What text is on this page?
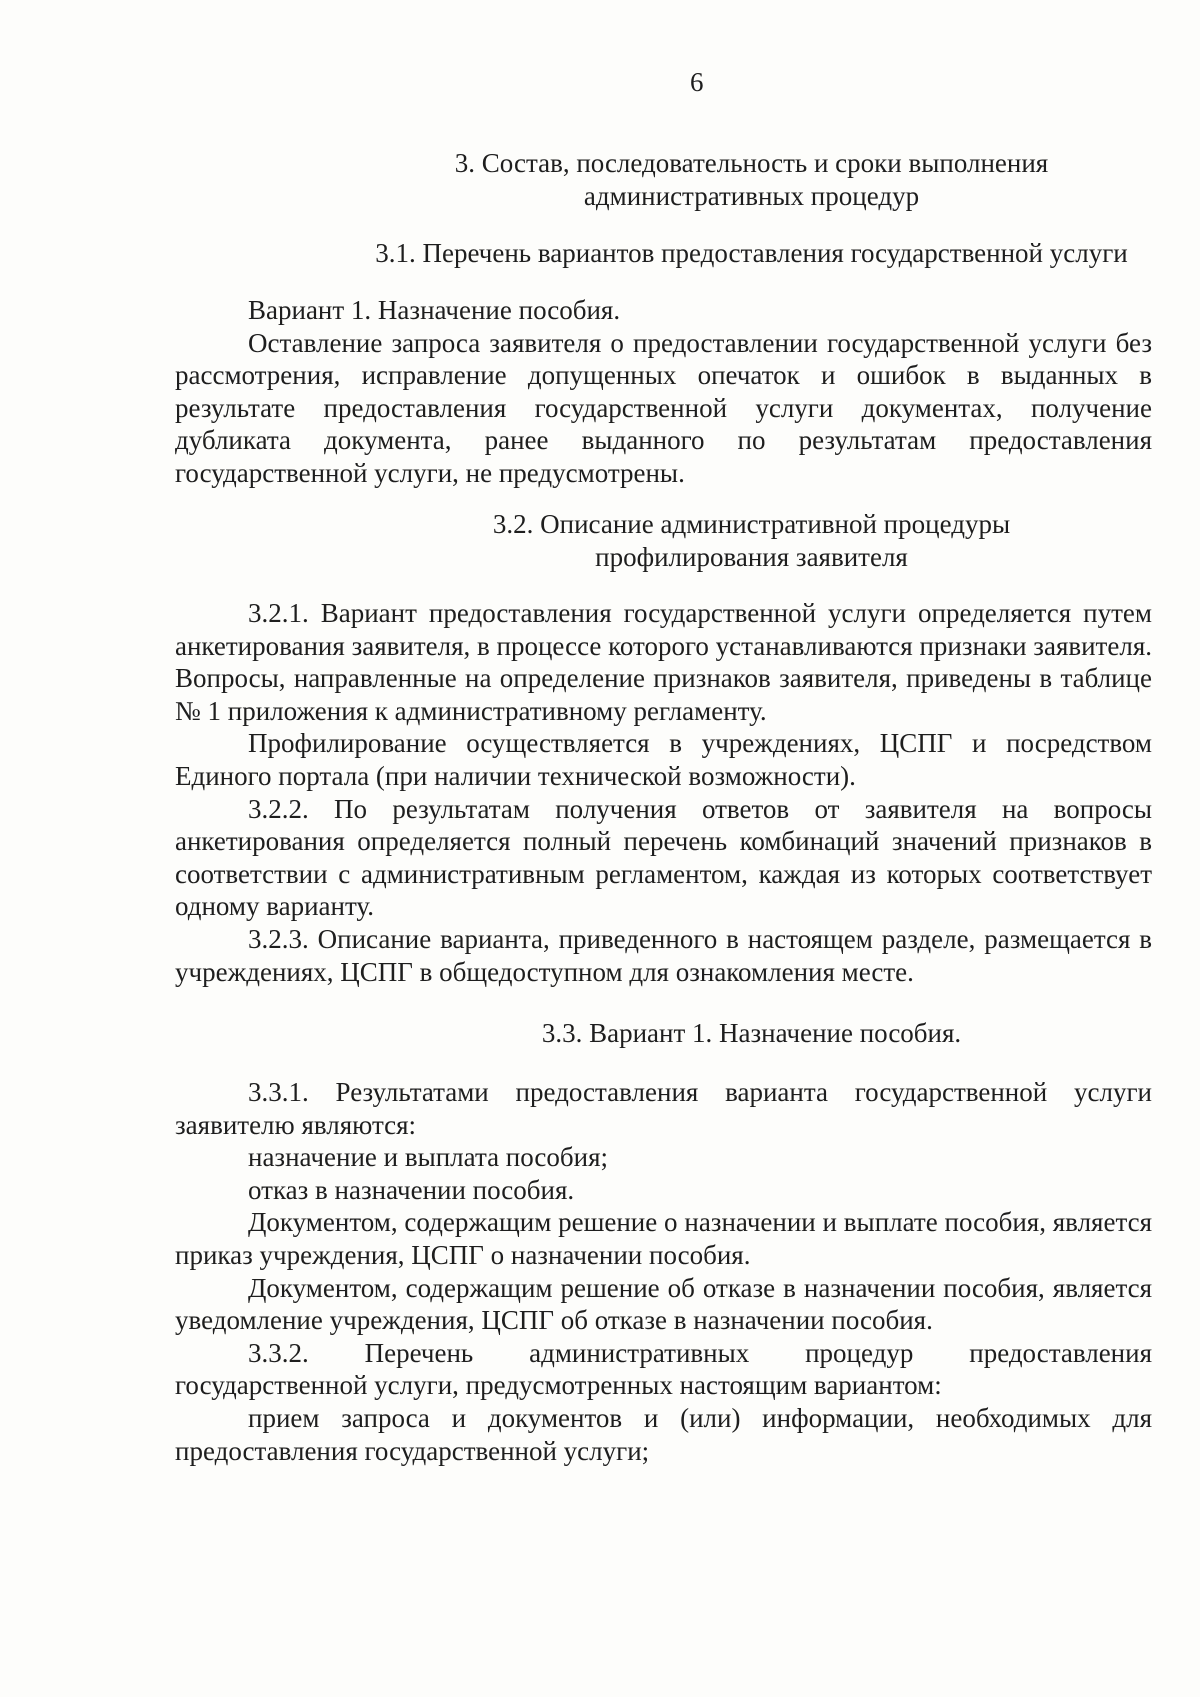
6
3. Состав, последовательность и сроки выполнения
административных процедур
3.1. Перечень вариантов предоставления государственной услуги

Вариант 1. Назначение пособия.

Оставление запроса заявителя о предоставлении государственной услуги без рассмотрения, исправление допущенных опечаток и ошибок в выданных в результате предоставления государственной услуги документах, получение дубликата документа, ранее выданного по результатам предоставления государственной услуги, не предусмотрены.

3.2. Описание административной процедуры
профилирования заявителя

3.2.1. Вариант предоставления государственной услуги определяется путем анкетирования заявителя, в процессе которого устанавливаются признаки заявителя. Вопросы, направленные на определение признаков заявителя, приведены в таблице № 1 приложения к административному регламенту.

Профилирование осуществляется в учреждениях, ЦСПГ и посредством Единого портала (при наличии технической возможности).

3.2.2. По результатам получения ответов от заявителя на вопросы анкетирования определяется полный перечень комбинаций значений признаков в соответствии с административным регламентом, каждая из которых соответствует одному варианту.

3.2.3. Описание варианта, приведенного в настоящем разделе, размещается в учреждениях, ЦСПГ в общедоступном для ознакомления месте.

3.3. Вариант 1. Назначение пособия.

3.3.1. Результатами предоставления варианта государственной услуги заявителю являются:

назначение и выплата пособия;

отказ в назначении пособия.

Документом, содержащим решение о назначении и выплате пособия, является приказ учреждения, ЦСПГ о назначении пособия.

Документом, содержащим решение об отказе в назначении пособия, является уведомление учреждения, ЦСПГ об отказе в назначении пособия.

3.3.2. Перечень административных процедур предоставления государственной услуги, предусмотренных настоящим вариантом:

прием запроса и документов и (или) информации, необходимых для предоставления государственной услуги;
